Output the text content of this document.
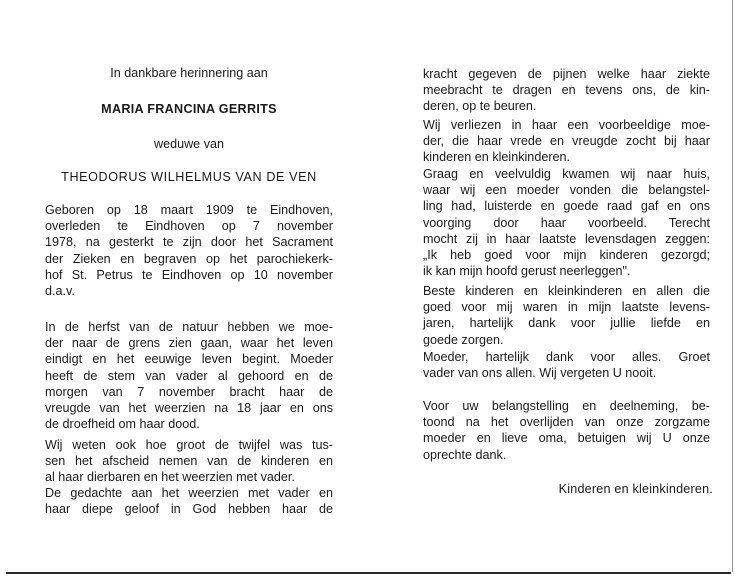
In dankbare herinnering aan
MARIA FRANCINA GERRITS
weduwe van
THEODORUS WILHELMUS VAN DE VEN
Geboren op 18 maart 1909 te Eindhoven,
overleden te Eindhoven op 7 november
1978, na gesterkt te zijn door het Sacrament
der Zieken en begraven op het parochiekerk-
hof St. Petrus te Eindhoven op 10 november
d.a.v.
In de herfst van de natuur hebben we moe-
der naar de grens zien gaan, waar het leven
eindigt en het eeuwige leven begint. Moeder
heeft de stem van vader al gehoord en de
morgen van 7 november bracht haar de
vreugde van het weerzien na 18 jaar en ons
de droefheid om haar dood.
Wij weten ook hoe groot de twijfel was tus-
sen het afscheid nemen van de kinderen en
al haar dierbaren en het weerzien met vader.
De gedachte aan het weerzien met vader en
haar diepe geloof in God hebben haar de
kracht gegeven de pijnen welke haar ziekte
meebracht te dragen en tevens ons, de kin-
deren, op te beuren.
Wij verliezen in haar een voorbeeldige moe-
der, die haar vrede en vreugde zocht bij haar
kinderen en kleinkinderen.
Graag en veelvuldig kwamen wij naar huis,
waar wij een moeder vonden die belangstel-
ling had, luisterde en goede raad gaf en ons
voorging door haar voorbeeld. Terecht
mocht zij in haar laatste levensdagen zeggen:
„Ik heb goed voor mijn kinderen gezorgd;
ik kan mijn hoofd gerust neerleggen".
Beste kinderen en kleinkinderen en allen die
goed voor mij waren in mijn laatste levens-
jaren, hartelijk dank voor jullie liefde en
goede zorgen.
Moeder, hartelijk dank voor alles. Groet
vader van ons allen. Wij vergeten U nooit.
Voor uw belangstelling en deelneming, be-
toond na het overlijden van onze zorgzame
moeder en lieve oma, betuigen wij U onze
oprechte dank.
Kinderen en kleinkinderen.
